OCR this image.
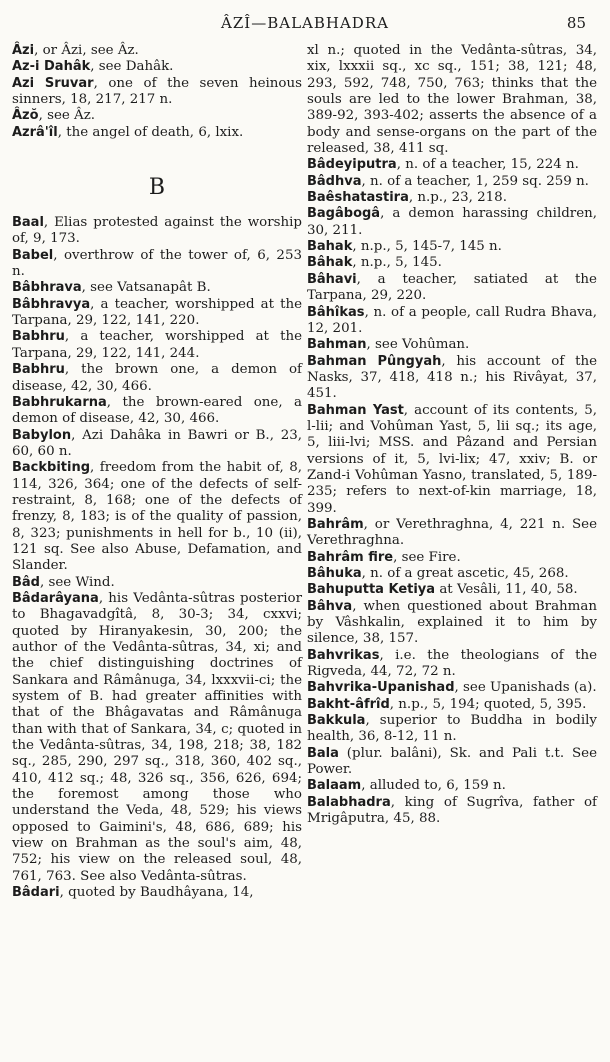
ÂZÎ—BALABHADRA	85

Âzi, or Âzi, see Âz.

Az-i Dahâk, see Dahâk.

Azi Sruvar, one of the seven heinous sinners, 18, 217, 217 n.

Âzŏ, see Âz.

Azrâ'îl, the angel of death, 6, lxix.

B

Baal, Elias protested against the worship of, 9, 173.

Babel, overthrow of the tower of, 6, 253 n.

Bâbhrava, see Vatsanapât B.

Bâbhravya, a teacher, worshipped at the Tarpana, 29, 122, 141, 220.

Babhru, a teacher, worshipped at the Tarpana, 29, 122, 141, 244.

Babhru, the brown one, a demon of disease, 42, 30, 466.

Babhrukarna, the brown-eared one, a demon of disease, 42, 30, 466.

Babylon, Azi Dahâka in Bawri or B., 23, 60, 60 n.

Backbiting, freedom from the habit of, 8, 114, 326, 364; one of the defects of self-restraint, 8, 168; one of the defects of frenzy, 8, 183; is of the quality of passion, 8, 323; punishments in hell for b., 10 (ii), 121 sq. See also Abuse, Defamation, and Slander.

Bâd, see Wind.

Bâdarâyana, his Vedânta-sûtras posterior to Bhagavadgîtâ, 8, 30-3; 34, cxxvi; quoted by Hiranyakesin, 30, 200; the author of the Vedânta-sûtras, 34, xi; and the chief distinguishing doctrines of Sankara and Râmânuga, 34, lxxxvii-ci; the system of B. had greater affinities with that of the Bhâgavatas and Râmânuga than with that of Sankara, 34, c; quoted in the Vedânta-sûtras, 34, 198, 218; 38, 182 sq., 285, 290, 297 sq., 318, 360, 402 sq., 410, 412 sq.; 48, 326 sq., 356, 626, 694; the foremost among those who understand the Veda, 48, 529; his views opposed to Gaimini's, 48, 686, 689; his view on Brahman as the soul's aim, 48, 752; his view on the released soul, 48, 761, 763. See also Vedânta-sûtras.

Bâdari, quoted by Baudhâyana, 14,

xl n.; quoted in the Vedânta-sûtras, 34, xix, lxxxii sq., xc sq., 151; 38, 121; 48, 293, 592, 748, 750, 763; thinks that the souls are led to the lower Brahman, 38, 389-92, 393-402; asserts the absence of a body and sense-organs on the part of the released, 38, 411 sq.

Bâdeyiputra, n. of a teacher, 15, 224 n.

Bâdhva, n. of a teacher, 1, 259 sq. 259 n.

Baêshatastira, n.p., 23, 218.

Bagâbogâ, a demon harassing children, 30, 211.

Bahak, n.p., 5, 145-7, 145 n.

Bâhak, n.p., 5, 145.

Bâhavi, a teacher, satiated at the Tarpana, 29, 220.

Bâhîkas, n. of a people, call Rudra Bhava, 12, 201.

Bahman, see Vohûman.

Bahman Pûngyah, his account of the Nasks, 37, 418, 418 n.; his Rivâyat, 37, 451.

Bahman Yast, account of its contents, 5, l-lii; and Vohûman Yast, 5, lii sq.; its age, 5, liii-lvi; MSS. and Pâzand and Persian versions of it, 5, lvi-lix; 47, xxiv; B. or Zand-i Vohûman Yasno, translated, 5, 189-235; refers to next-of-kin marriage, 18, 399.

Bahrâm, or Verethraghna, 4, 221 n. See Verethraghna.

Bahrâm fire, see Fire.

Bâhuka, n. of a great ascetic, 45, 268.

Bahuputta Ketiya at Vesâli, 11, 40, 58.

Bâhva, when questioned about Brahman by Vâshkalin, explained it to him by silence, 38, 157.

Bahvrikas, i.e. the theologians of the Rigveda, 44, 72, 72 n.

Bahvrika-Upanishad, see Upanishads (a).

Bakht-âfrîd, n.p., 5, 194; quoted, 5, 395.

Bakkula, superior to Buddha in bodily health, 36, 8-12, 11 n.

Bala (plur. balâni), Sk. and Pali t.t. See Power.

Balaam, alluded to, 6, 159 n.

Balabhadra, king of Sugrîva, father of Mrigâputra, 45, 88.
